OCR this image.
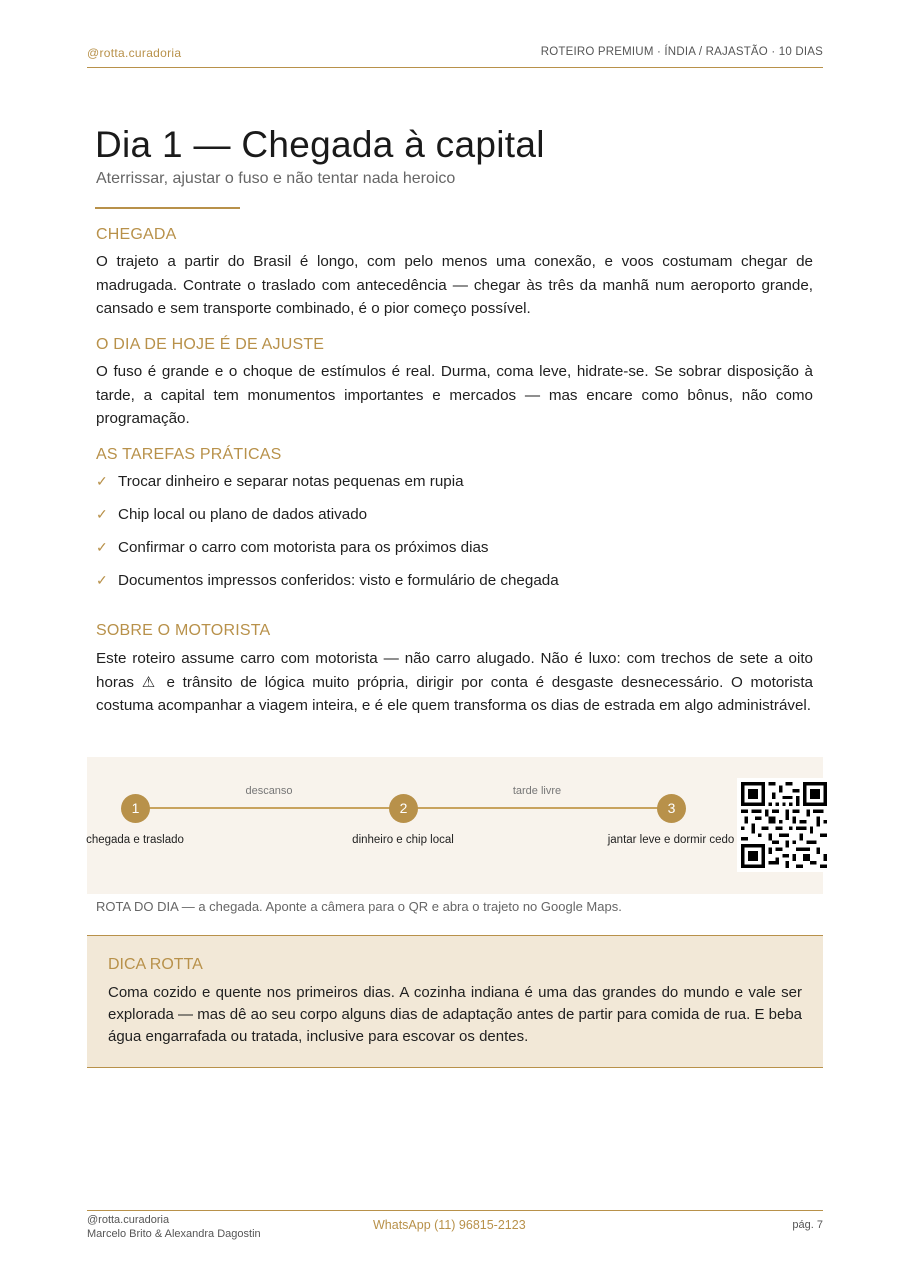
@rotta.curadoria	ROTEIRO PREMIUM · ÍNDIA / RAJASTÃO · 10 DIAS
Dia 1 — Chegada à capital
Aterrissar, ajustar o fuso e não tentar nada heroico
CHEGADA

O trajeto a partir do Brasil é longo, com pelo menos uma conexão, e voos costumam chegar de madrugada. Contrate o traslado com antecedência — chegar às três da manhã num aeroporto grande, cansado e sem transporte combinado, é o pior começo possível.

O DIA DE HOJE É DE AJUSTE

O fuso é grande e o choque de estímulos é real. Durma, coma leve, hidrate-se. Se sobrar disposição à tarde, a capital tem monumentos importantes e mercados — mas encare como bônus, não como programação.

AS TAREFAS PRÁTICAS
✓ Trocar dinheiro e separar notas pequenas em rupia
✓ Chip local ou plano de dados ativado
✓ Confirmar o carro com motorista para os próximos dias
✓ Documentos impressos conferidos: visto e formulário de chegada
SOBRE O MOTORISTA

Este roteiro assume carro com motorista — não carro alugado. Não é luxo: com trechos de sete a oito horas ⚠ e trânsito de lógica muito própria, dirigir por conta é desgaste desnecessário. O motorista costuma acompanhar a viagem inteira, e é ele quem transforma os dias de estrada em algo administrável.

descanso	tarde livre
1	2	3
chegada e traslado	dinheiro e chip local	jantar leve e dormir cedo
ROTA DO DIA — a chegada. Aponte a câmera para o QR e abra o trajeto no Google Maps.
DICA ROTTA

Coma cozido e quente nos primeiros dias. A cozinha indiana é uma das grandes do mundo e vale ser explorada — mas dê ao seu corpo alguns dias de adaptação antes de partir para comida de rua. E beba água engarrafada ou tratada, inclusive para escovar os dentes.

@rotta.curadoria
Marcelo Brito & Alexandra Dagostin
WhatsApp (11) 96815-2123	pág. 7
